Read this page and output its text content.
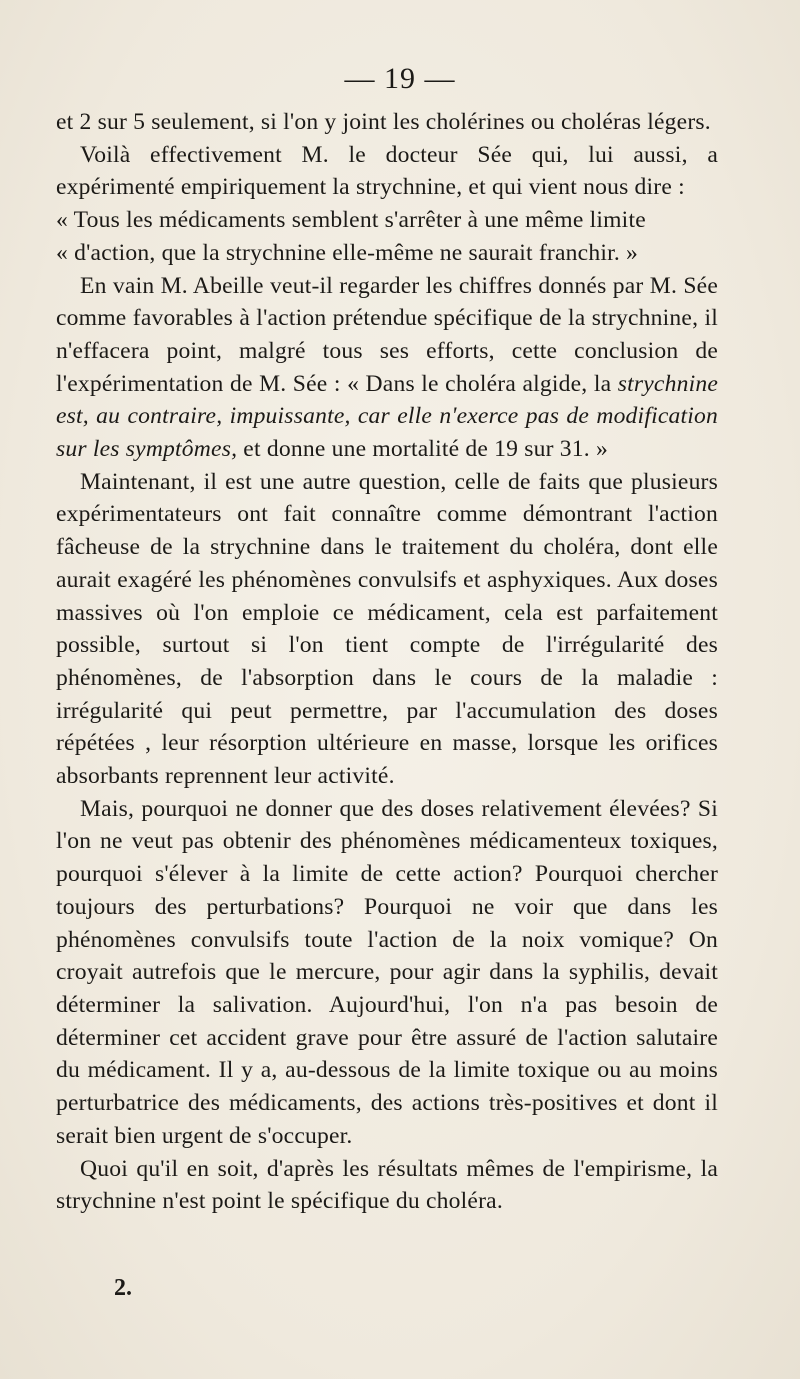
— 19 —

et 2 sur 5 seulement, si l'on y joint les cholérines ou choléras légers.

Voilà effectivement M. le docteur Sée qui, lui aussi, a expérimenté empiriquement la strychnine, et qui vient nous dire :
« Tous les médicaments semblent s'arrêter à une même limite
« d'action, que la strychnine elle-même ne saurait franchir. »

En vain M. Abeille veut-il regarder les chiffres donnés par M. Sée comme favorables à l'action prétendue spécifique de la strychnine, il n'effacera point, malgré tous ses efforts, cette conclusion de l'expérimentation de M. Sée : « Dans le choléra algide, la strychnine est, au contraire, impuissante, car elle n'exerce pas de modification sur les symptômes, et donne une mortalité de 19 sur 31. »

Maintenant, il est une autre question, celle de faits que plusieurs expérimentateurs ont fait connaître comme démontrant l'action fâcheuse de la strychnine dans le traitement du choléra, dont elle aurait exagéré les phénomènes convulsifs et asphyxiques. Aux doses massives où l'on emploie ce médicament, cela est parfaitement possible, surtout si l'on tient compte de l'irrégularité des phénomènes, de l'absorption dans le cours de la maladie : irrégularité qui peut permettre, par l'accumulation des doses répétées , leur résorption ultérieure en masse, lorsque les orifices absorbants reprennent leur activité.

Mais, pourquoi ne donner que des doses relativement élevées? Si l'on ne veut pas obtenir des phénomènes médicamenteux toxiques, pourquoi s'élever à la limite de cette action? Pourquoi chercher toujours des perturbations? Pourquoi ne voir que dans les phénomènes convulsifs toute l'action de la noix vomique? On croyait autrefois que le mercure, pour agir dans la syphilis, devait déterminer la salivation. Aujourd'hui, l'on n'a pas besoin de déterminer cet accident grave pour être assuré de l'action salutaire du médicament. Il y a, au-dessous de la limite toxique ou au moins perturbatrice des médicaments, des actions très-positives et dont il serait bien urgent de s'occuper.

Quoi qu'il en soit, d'après les résultats mêmes de l'empirisme, la strychnine n'est point le spécifique du choléra.

2.
